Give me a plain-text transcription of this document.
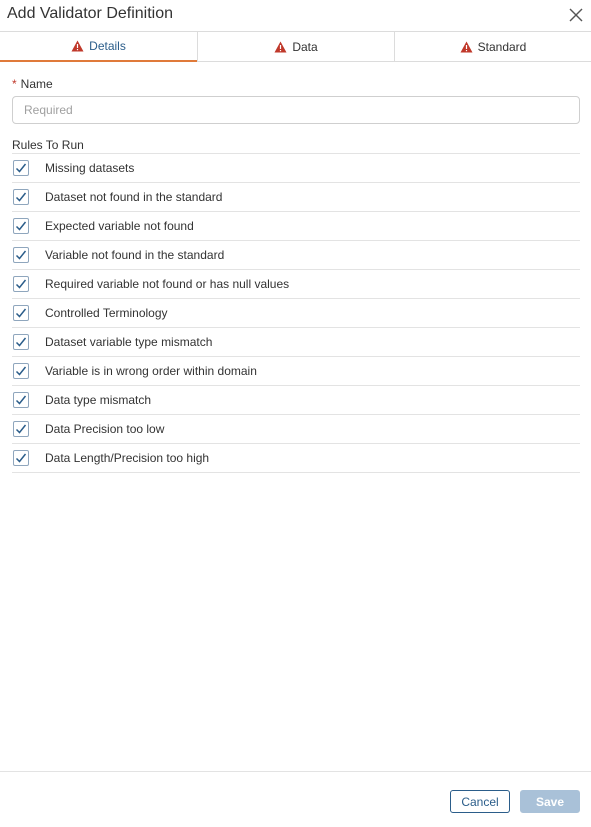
Add Validator Definition
Details	Data	Standard
* Name
Required
Rules To Run
Missing datasets
Dataset not found in the standard
Expected variable not found
Variable not found in the standard
Required variable not found or has null values
Controlled Terminology
Dataset variable type mismatch
Variable is in wrong order within domain
Data type mismatch
Data Precision too low
Data Length/Precision too high
Cancel	Save
